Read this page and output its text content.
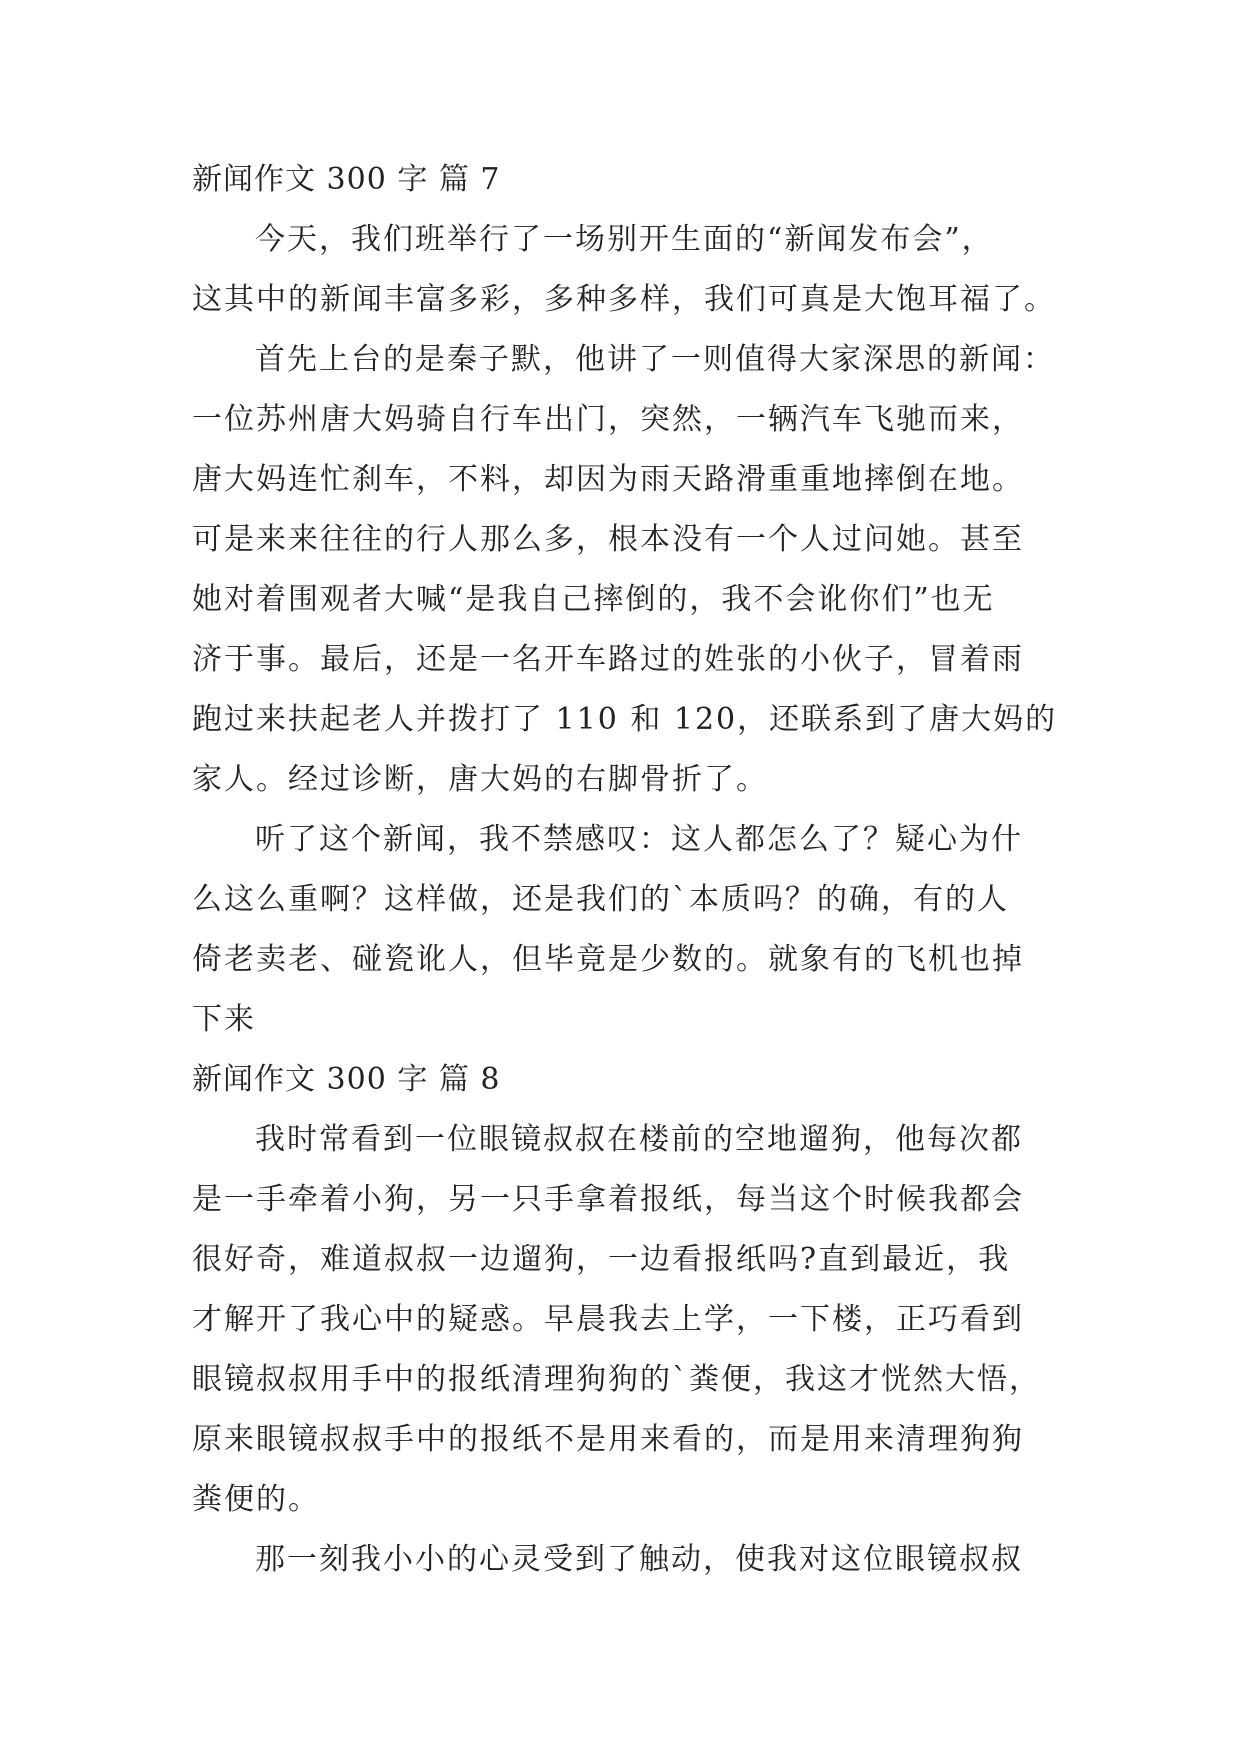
新闻作文 300 字 篇 7
今天，我们班举行了一场别开生面的“新闻发布会”，
这其中的新闻丰富多彩，多种多样，我们可真是大饱耳福了。
首先上台的是秦子默，他讲了一则值得大家深思的新闻：
一位苏州唐大妈骑自行车出门，突然，一辆汽车飞驰而来，
唐大妈连忙刹车，不料，却因为雨天路滑重重地摔倒在地。
可是来来往往的行人那么多，根本没有一个人过问她。甚至
她对着围观者大喊“是我自己摔倒的，我不会讹你们”也无
济于事。最后，还是一名开车路过的姓张的小伙子，冒着雨
跑过来扶起老人并拨打了 110 和 120，还联系到了唐大妈的
家人。经过诊断，唐大妈的右脚骨折了。
听了这个新闻，我不禁感叹：这人都怎么了？疑心为什
么这么重啊？这样做，还是我们的`本质吗？的确，有的人
倚老卖老、碰瓷讹人，但毕竟是少数的。就象有的飞机也掉
下来
新闻作文 300 字 篇 8
我时常看到一位眼镜叔叔在楼前的空地遛狗，他每次都
是一手牵着小狗，另一只手拿着报纸，每当这个时候我都会
很好奇，难道叔叔一边遛狗，一边看报纸吗?直到最近，我
才解开了我心中的疑惑。早晨我去上学，一下楼，正巧看到
眼镜叔叔用手中的报纸清理狗狗的`粪便，我这才恍然大悟，
原来眼镜叔叔手中的报纸不是用来看的，而是用来清理狗狗
粪便的。
那一刻我小小的心灵受到了触动，使我对这位眼镜叔叔
